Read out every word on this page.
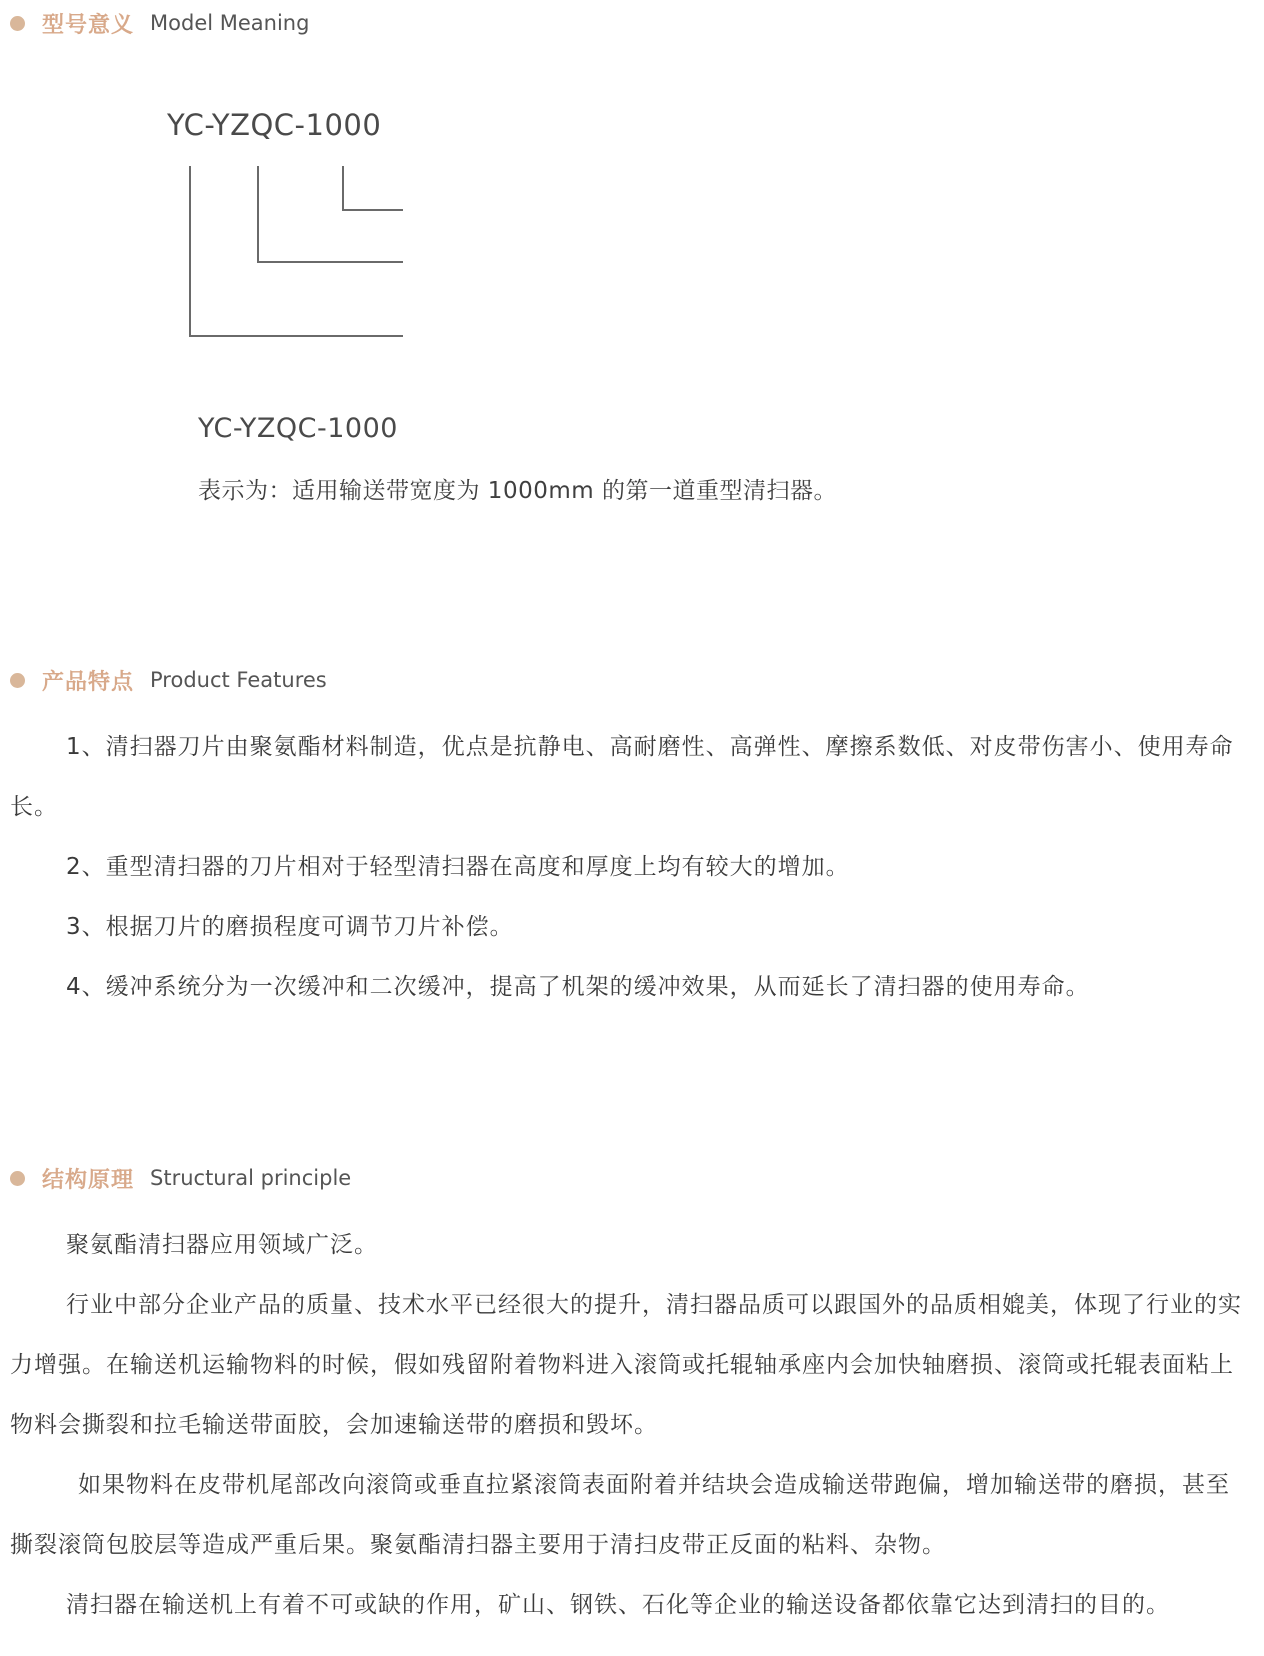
型号意义 Model Meaning
YC-YZQC-1000
YC-YZQC-1000
表示为：适用输送带宽度为 1000mm 的第一道重型清扫器。
产品特点 Product Features

1、清扫器刀片由聚氨酯材料制造，优点是抗静电、高耐磨性、高弹性、摩擦系数低、对皮带伤害小、使用寿命长。

2、重型清扫器的刀片相对于轻型清扫器在高度和厚度上均有较大的增加。

3、根据刀片的磨损程度可调节刀片补偿。

4、缓冲系统分为一次缓冲和二次缓冲，提高了机架的缓冲效果，从而延长了清扫器的使用寿命。

结构原理 Structural principle

聚氨酯清扫器应用领域广泛。

行业中部分企业产品的质量、技术水平已经很大的提升，清扫器品质可以跟国外的品质相媲美，体现了行业的实力增强。在输送机运输物料的时候，假如残留附着物料进入滚筒或托辊轴承座内会加快轴磨损、滚筒或托辊表面粘上物料会撕裂和拉毛输送带面胶，会加速输送带的磨损和毁坏。

如果物料在皮带机尾部改向滚筒或垂直拉紧滚筒表面附着并结块会造成输送带跑偏，增加输送带的磨损，甚至撕裂滚筒包胶层等造成严重后果。聚氨酯清扫器主要用于清扫皮带正反面的粘料、杂物。

清扫器在输送机上有着不可或缺的作用，矿山、钢铁、石化等企业的输送设备都依靠它达到清扫的目的。
